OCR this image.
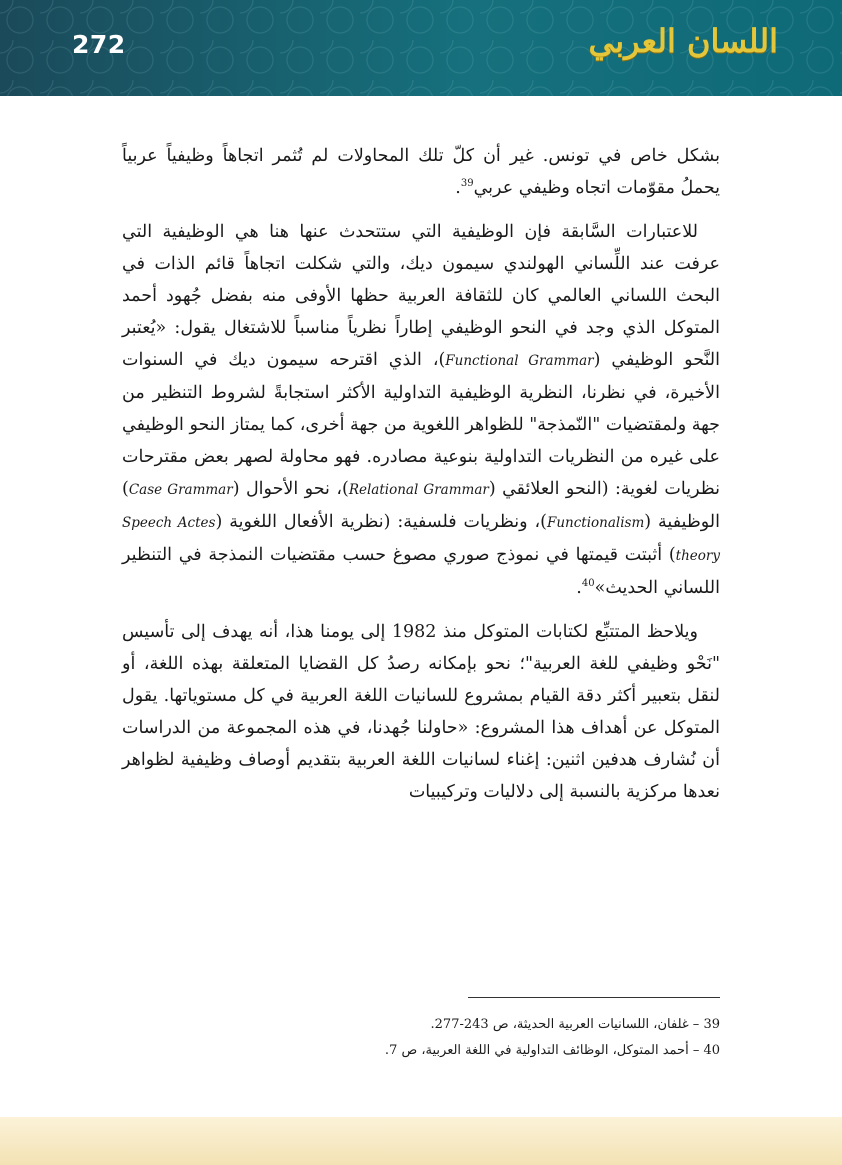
272	اللسان العربي

بشكل خاص في تونس. غير أن كلّ تلك المحاولات لم تُثمر اتجاهاً وظيفياً عربياً يحملُ مقوّمات اتجاه وظيفي عربي$^{39}$.

للاعتبارات السَّابقة فإن الوظيفية التي ستتحدث عنها هنا هي الوظيفية التي عرفت عند اللِّساني الهولندي سيمون ديك، والتي شكلت اتجاهاً قائم الذات في البحث اللساني العالمي كان للثقافة العربية حظها الأوفى منه بفضل جُهود أحمد المتوكل الذي وجد في النحو الوظيفي إطاراً نظرياً مناسباً للاشتغال يقول: «يُعتبر النَّحو الوظيفي (Functional Grammar)، الذي اقترحه سيمون ديك في السنوات الأخيرة، في نظرنا، النظرية الوظيفية التداولية الأكثر استجابةً لشروط التنظير من جهة ولمقتضيات "النّمذجة" للظواهر اللغوية من جهة أخرى، كما يمتاز النحو الوظيفي على غيره من النظريات التداولية بنوعية مصادره. فهو محاولة لصهر بعض مقترحات نظريات لغوية: (النحو العلائقي (Relational Grammar)، نحو الأحوال (Case Grammar) الوظيفية (Functionalism)، ونظريات فلسفية: (نظرية الأفعال اللغوية (Speech Actes theory) أثبتت قيمتها في نموذج صوري مصوغ حسب مقتضيات النمذجة في التنظير اللساني الحديث»$^{40}$.

ويلاحظ المتتبِّع لكتابات المتوكل منذ 1982 إلى يومنا هذا، أنه يهدف إلى تأسيس "نَحْو وظيفي للغة العربية"؛ نحو بإمكانه رصدُ كل القضايا المتعلقة بهذه اللغة، أو لنقل بتعبير أكثر دقة القيام بمشروع للسانيات اللغة العربية في كل مستوياتها. يقول المتوكل عن أهداف هذا المشروع: «حاولنا جُهدنا، في هذه المجموعة من الدراسات أن نُشارف هدفين اثنين: إغناء لسانيات اللغة العربية بتقديم أوصاف وظيفية لظواهر نعدها مركزية بالنسبة إلى دلاليات وتركيبيات

39 – غلفان، اللسانيات العربية الحديثة، ص 243-277.
40 – أحمد المتوكل، الوظائف التداولية في اللغة العربية، ص 7.
